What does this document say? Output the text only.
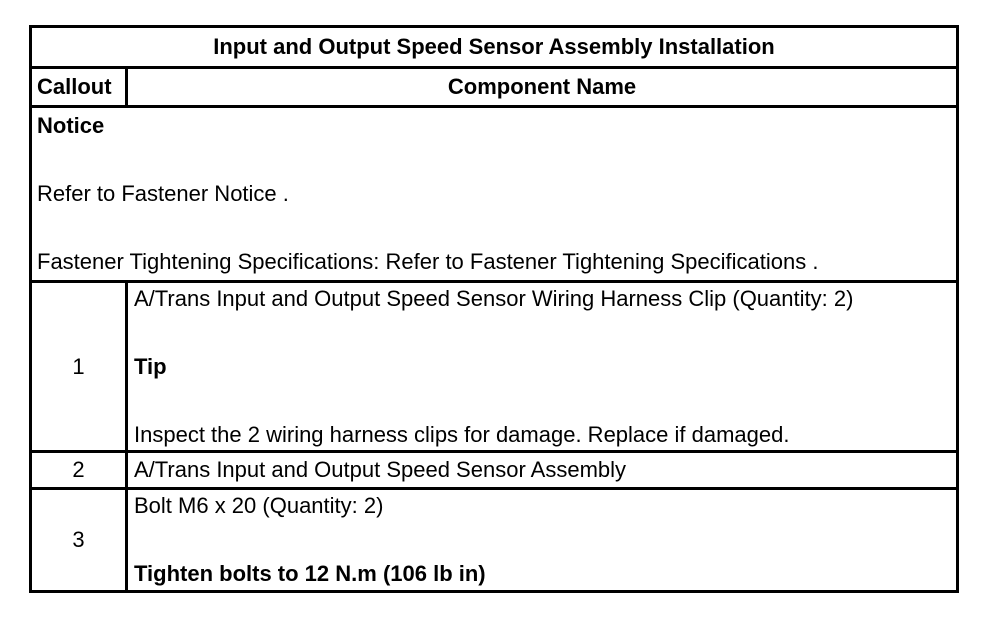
Input and Output Speed Sensor Assembly Installation	
Callout	Component Name

Notice
Refer to Fastener Notice .
Fastener Tightening Specifications: Refer to Fastener Tightening Specifications .	

1	A/Trans Input and Output Speed Sensor Wiring Harness Clip (Quantity: 2)
Tip
Inspect the 2 wiring harness clips for damage. Replace if damaged.

2	A/Trans Input and Output Speed Sensor Assembly

3	Bolt M6 x 20 (Quantity: 2)
Tighten bolts to 12 N.m (106 lb in)
